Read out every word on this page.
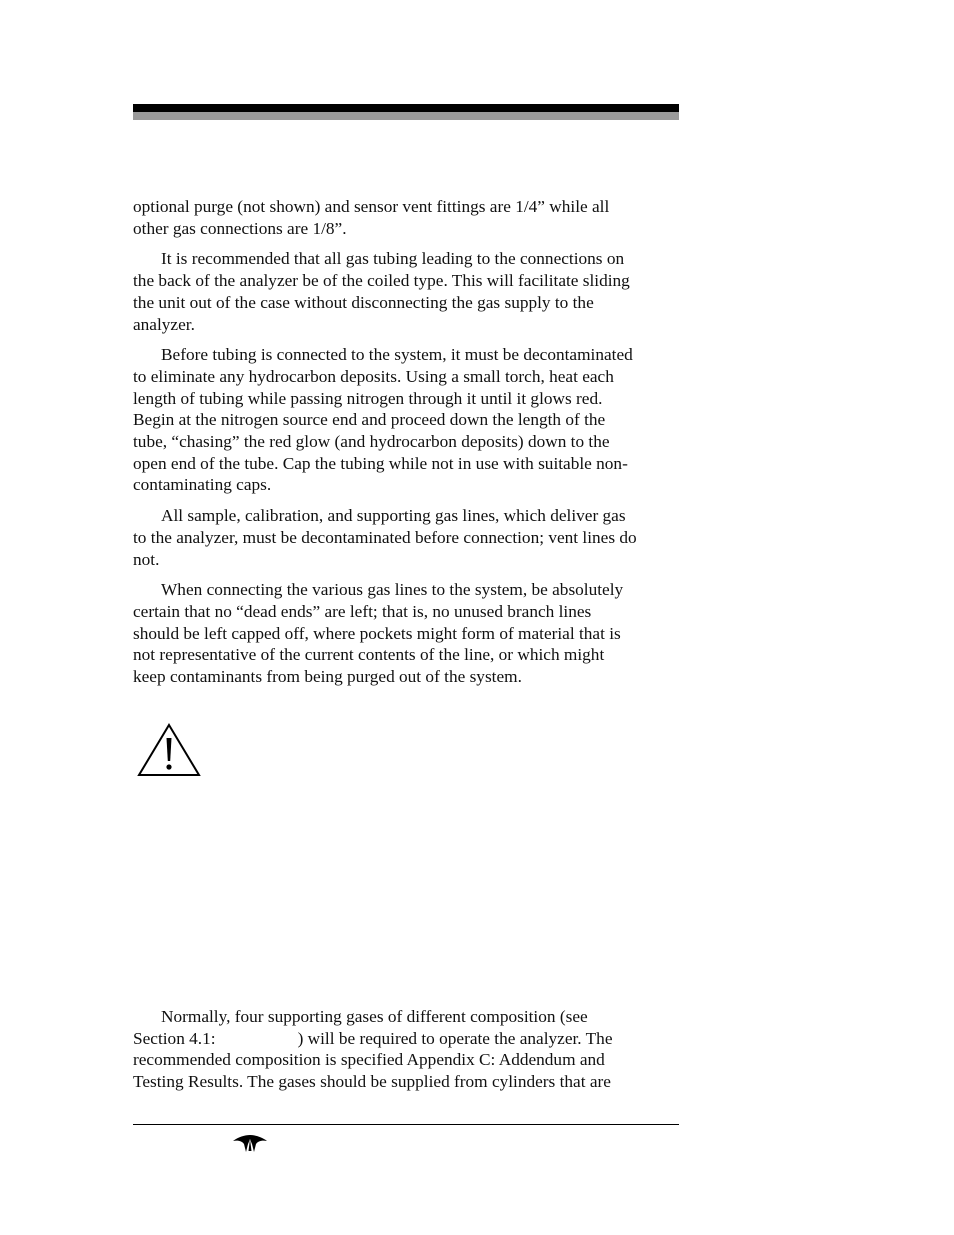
optional purge (not shown) and sensor vent fittings are 1/4” while all
other gas connections are 1/8”.

It is recommended that all gas tubing leading to the connections on
the back of the analyzer be of the coiled type. This will facilitate sliding
the unit out of the case without disconnecting the gas supply to the
analyzer.

Before tubing is connected to the system, it must be decontaminated
to eliminate any hydrocarbon deposits. Using a small torch, heat each
length of tubing while passing nitrogen through it until it glows red.
Begin at the nitrogen source end and proceed down the length of the
tube, “chasing” the red glow (and hydrocarbon deposits) down to the
open end of the tube. Cap the tubing while not in use with suitable non-
contaminating caps.

All sample, calibration, and supporting gas lines, which deliver gas
to the analyzer, must be decontaminated before connection; vent lines do
not.

When connecting the various gas lines to the system, be absolutely
certain that no “dead ends” are left; that is, no unused branch lines
should be left capped off, where pockets might form of material that is
not representative of the current contents of the line, or which might
keep contaminants from being purged out of the system.

Normally, four supporting gases of different composition (see
Section 4.1:	) will be required to operate the analyzer. The
recommended composition is specified Appendix C: Addendum and
Testing Results. The gases should be supplied from cylinders that are
